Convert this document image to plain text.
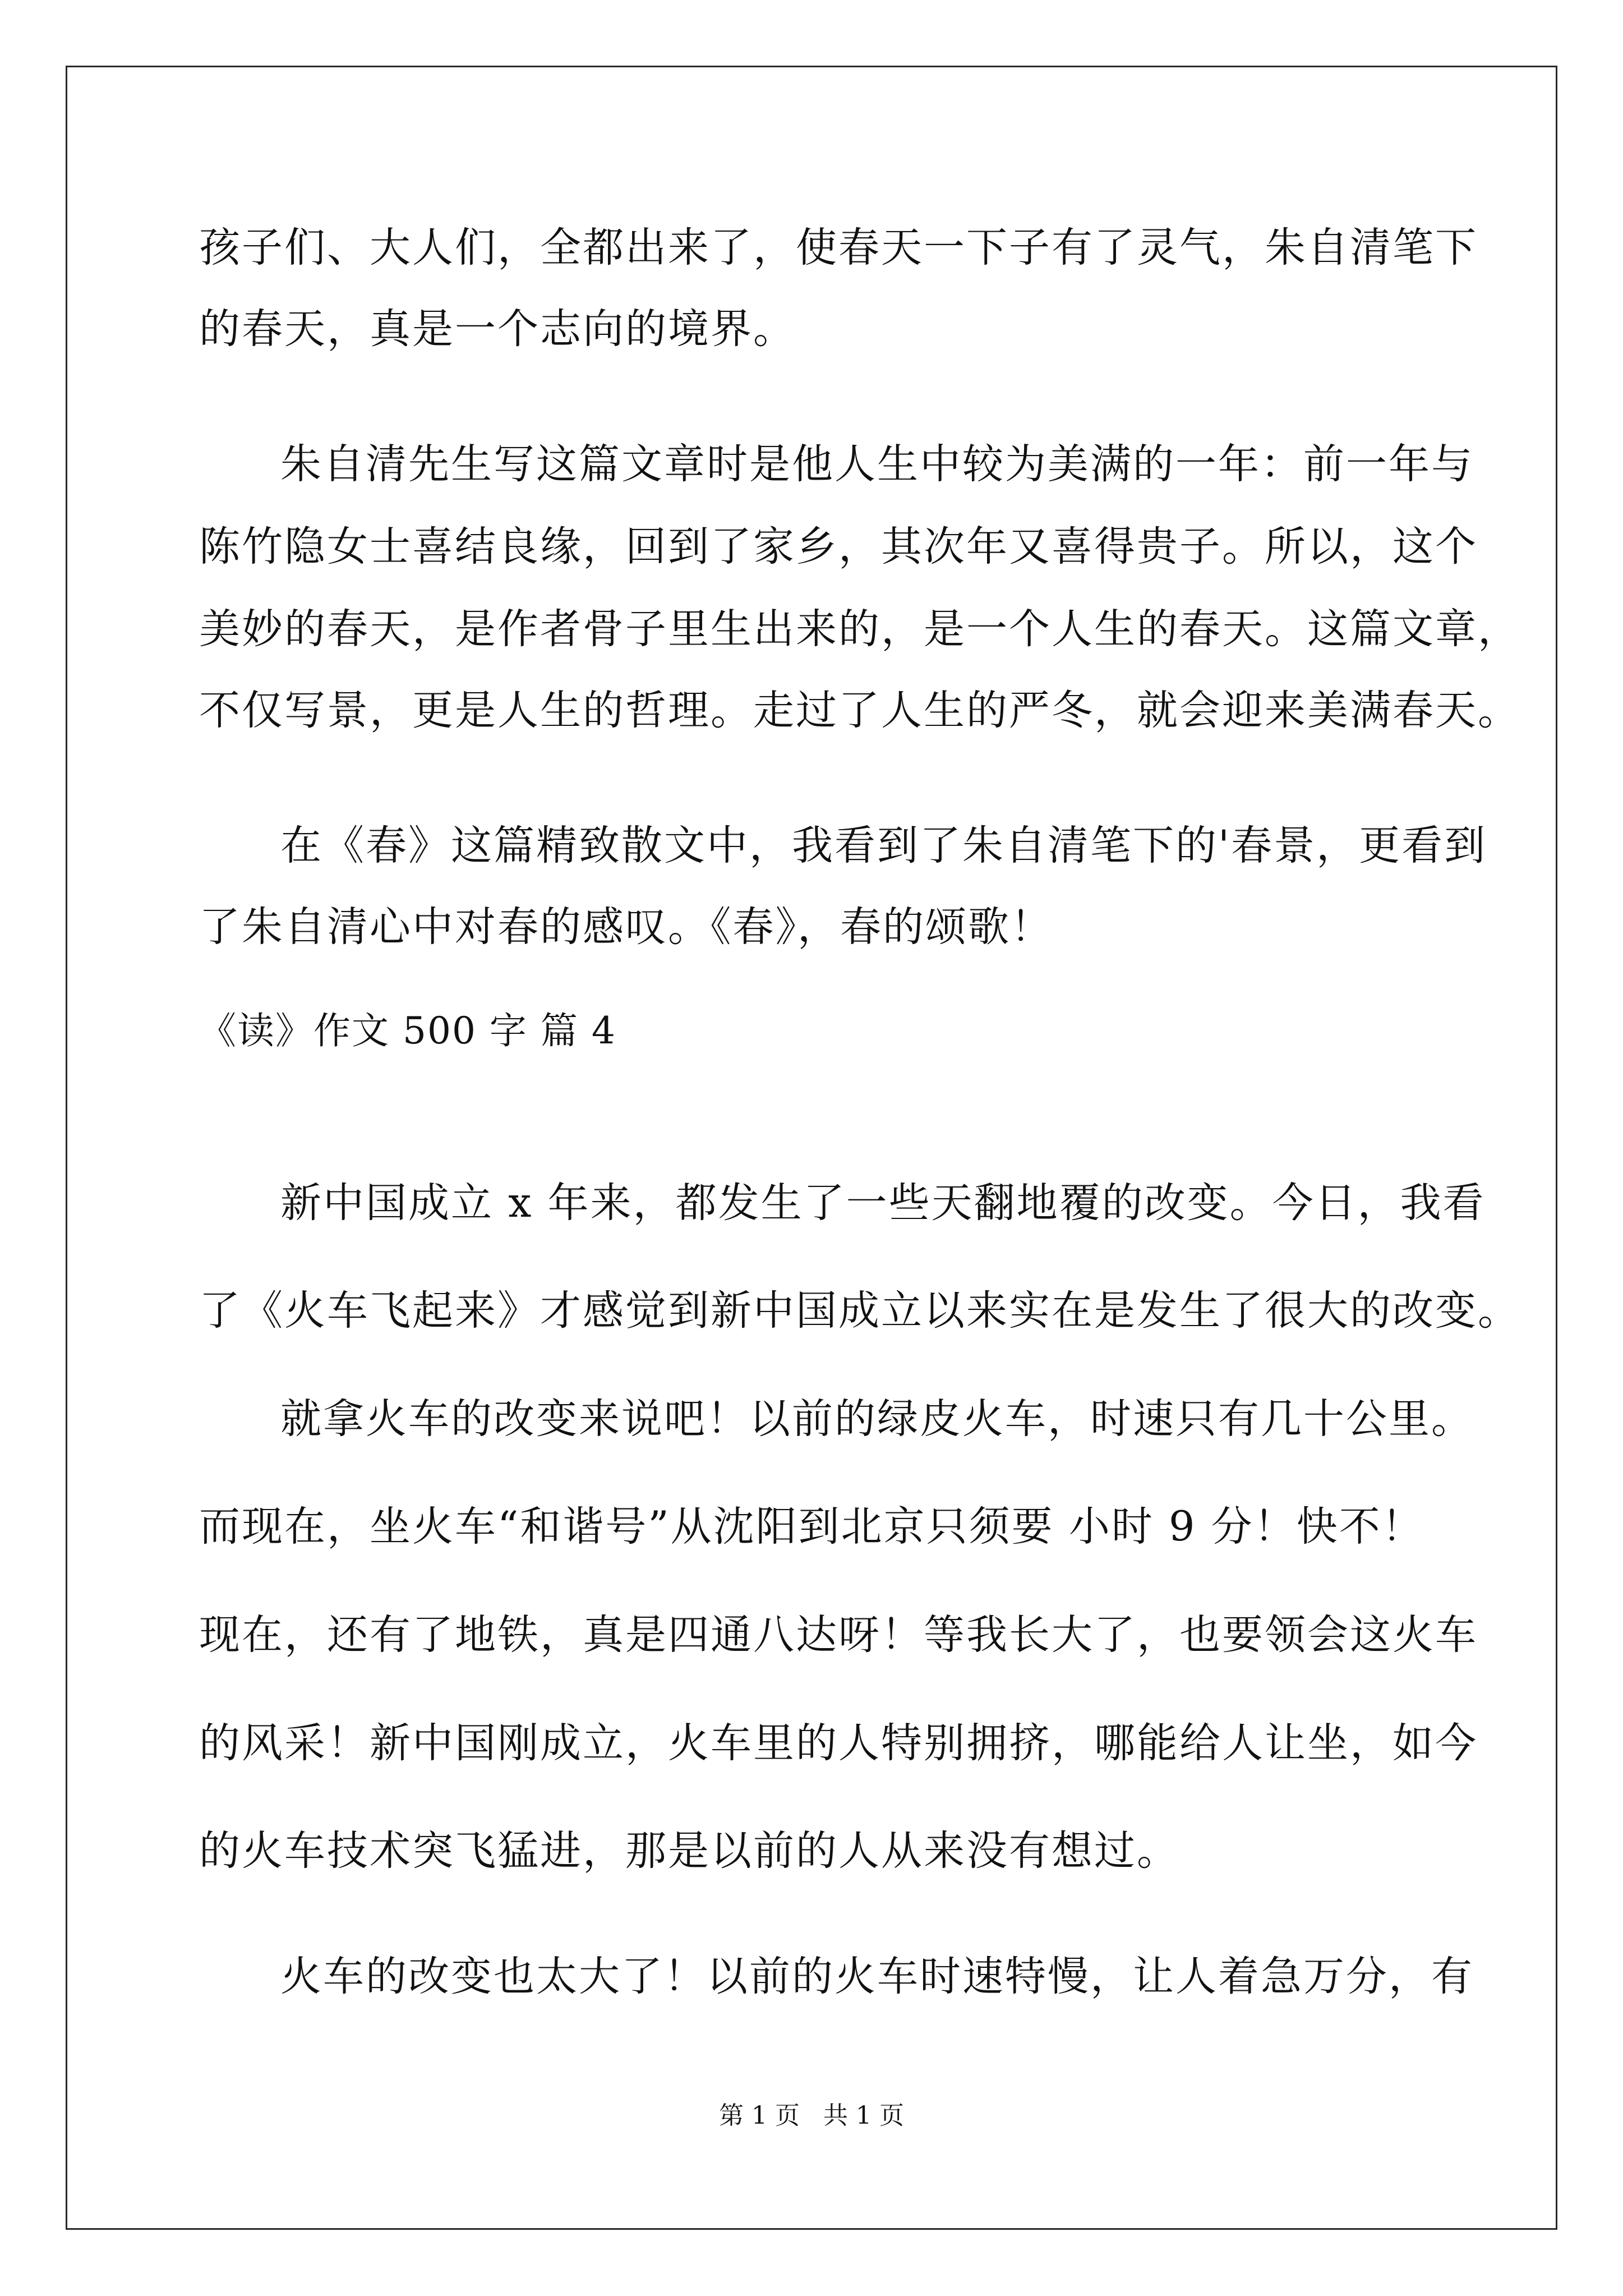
孩子们、大人们，全都出来了，使春天一下子有了灵气，朱自清笔下
的春天，真是一个志向的境界。
朱自清先生写这篇文章时是他人生中较为美满的一年：前一年与
陈竹隐女士喜结良缘，回到了家乡，其次年又喜得贵子。所以，这个
美妙的春天，是作者骨子里生出来的，是一个人生的春天。这篇文章，
不仅写景，更是人生的哲理。走过了人生的严冬，就会迎来美满春天。
在《春》这篇精致散文中，我看到了朱自清笔下的'春景，更看到
了朱自清心中对春的感叹。《春》，春的颂歌！
《读》作文 500 字 篇 4
新中国成立 x 年来，都发生了一些天翻地覆的改变。今日，我看
了《火车飞起来》才感觉到新中国成立以来实在是发生了很大的改变。
就拿火车的改变来说吧！以前的绿皮火车，时速只有几十公里。
而现在，坐火车“和谐号”从沈阳到北京只须要 小时 9 分！快不！
现在，还有了地铁，真是四通八达呀！等我长大了，也要领会这火车
的风采！新中国刚成立，火车里的人特别拥挤，哪能给人让坐，如今
的火车技术突飞猛进，那是以前的人从来没有想过。
火车的改变也太大了！以前的火车时速特慢，让人着急万分，有
第 1 页   共 1 页
